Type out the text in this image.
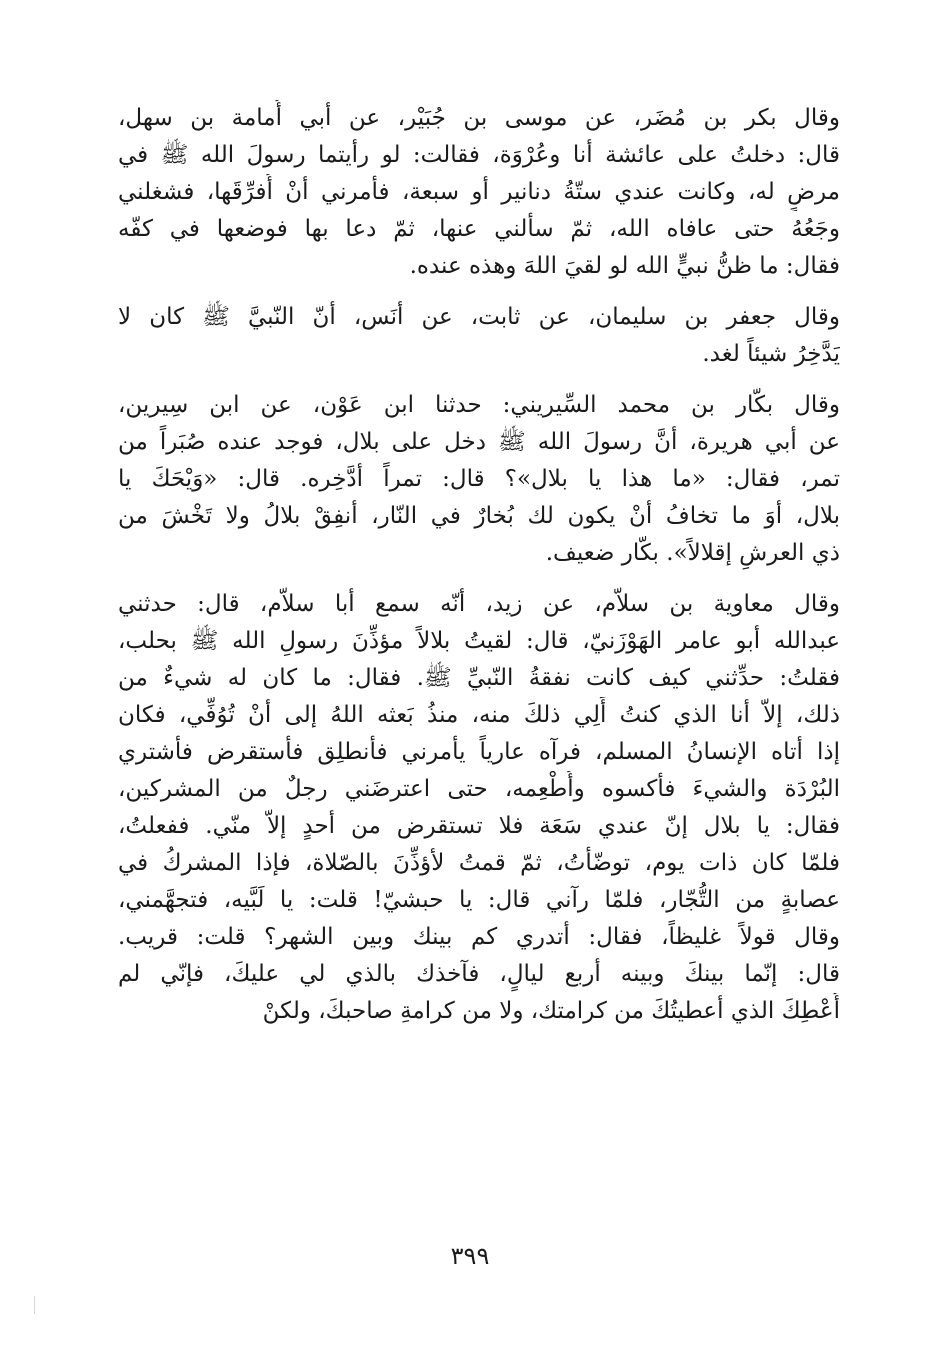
وقال بكر بن مُضَر، عن موسى بن جُبَيْر، عن أبي أُمامة بن سهل،
قال: دخلتُ على عائشة أنا وعُرْوَة، فقالت: لو رأيتما رسولَ الله ﷺ في
مرضٍ له، وكانت عندي ستّةُ دنانير أو سبعة، فأمرني أنْ أُفرِّقَها، فشغلني
وجَعُهُ حتى عافاه الله، ثمّ سألني عنها، ثمّ دعا بها فوضعها في كفّه
فقال: ما ظنُّ نبيٍّ الله لو لقيَ اللهَ وهذه عنده.
وقال جعفر بن سليمان، عن ثابت، عن أنَس، أنّ النّبيَّ ﷺ كان لا
يَدَّخِرُ شيئاً لغد.
وقال بكّار بن محمد السِّيريني: حدثنا ابن عَوْن، عن ابن سِيرين،
عن أبي هريرة، أنَّ رسولَ الله ﷺ دخل على بلال، فوجد عنده صُبَراً من
تمر، فقال: «ما هذا يا بلال»؟ قال: تمراً أدَّخِره. قال: «وَيْحَكَ يا
بلال، أوَ ما تخافُ أنْ يكون لك بُخارٌ في النّار، أنفِقْ بلالُ ولا تَخْشَ من
ذي العرشِ إقلالاً». بكّار ضعيف.
وقال معاوية بن سلاّم، عن زيد، أنّه سمع أبا سلاّم، قال: حدثني
عبدالله أبو عامر الهَوْزَنيّ، قال: لقيتُ بلالاً مؤذِّنَ رسولِ الله ﷺ بحلب،
فقلتُ: حدِّثني كيف كانت نفقةُ النّبيِّ ﷺ. فقال: ما كان له شيءٌ من
ذلك، إلاّ أنا الذي كنتُ أَلِي ذلكَ منه، منذُ بَعثه اللهُ إلى أنْ تُوُفِّي، فكان
إذا أتاه الإنسانُ المسلم، فرآه عارياً يأمرني فأنطلِق فأستقرض فأشتري
البُرْدَة والشيءَ فأكسوه وأُطْعِمه، حتى اعترضَني رجلٌ من المشركين،
فقال: يا بلال إنّ عندي سَعَة فلا تستقرض من أحدٍ إلاّ منّي. ففعلتُ،
فلمّا كان ذات يوم، توضّأتُ، ثمّ قمتُ لأؤذِّنَ بالصّلاة، فإذا المشركُ في
عصابةٍ من التُّجّار، فلمّا رآني قال: يا حبشيّ! قلت: يا لَبَّيه، فتجهَّمني،
وقال قولاً غليظاً، فقال: أتدري كم بينك وبين الشهر؟ قلت: قريب.
قال: إنّما بينكَ وبينه أربع ليالٍ، فآخذك بالذي لي عليكَ، فإنّي لم
أُعْطِكَ الذي أعطيتُكَ من كرامتك، ولا من كرامةِ صاحبكَ، ولكنْ
٣٩٩
